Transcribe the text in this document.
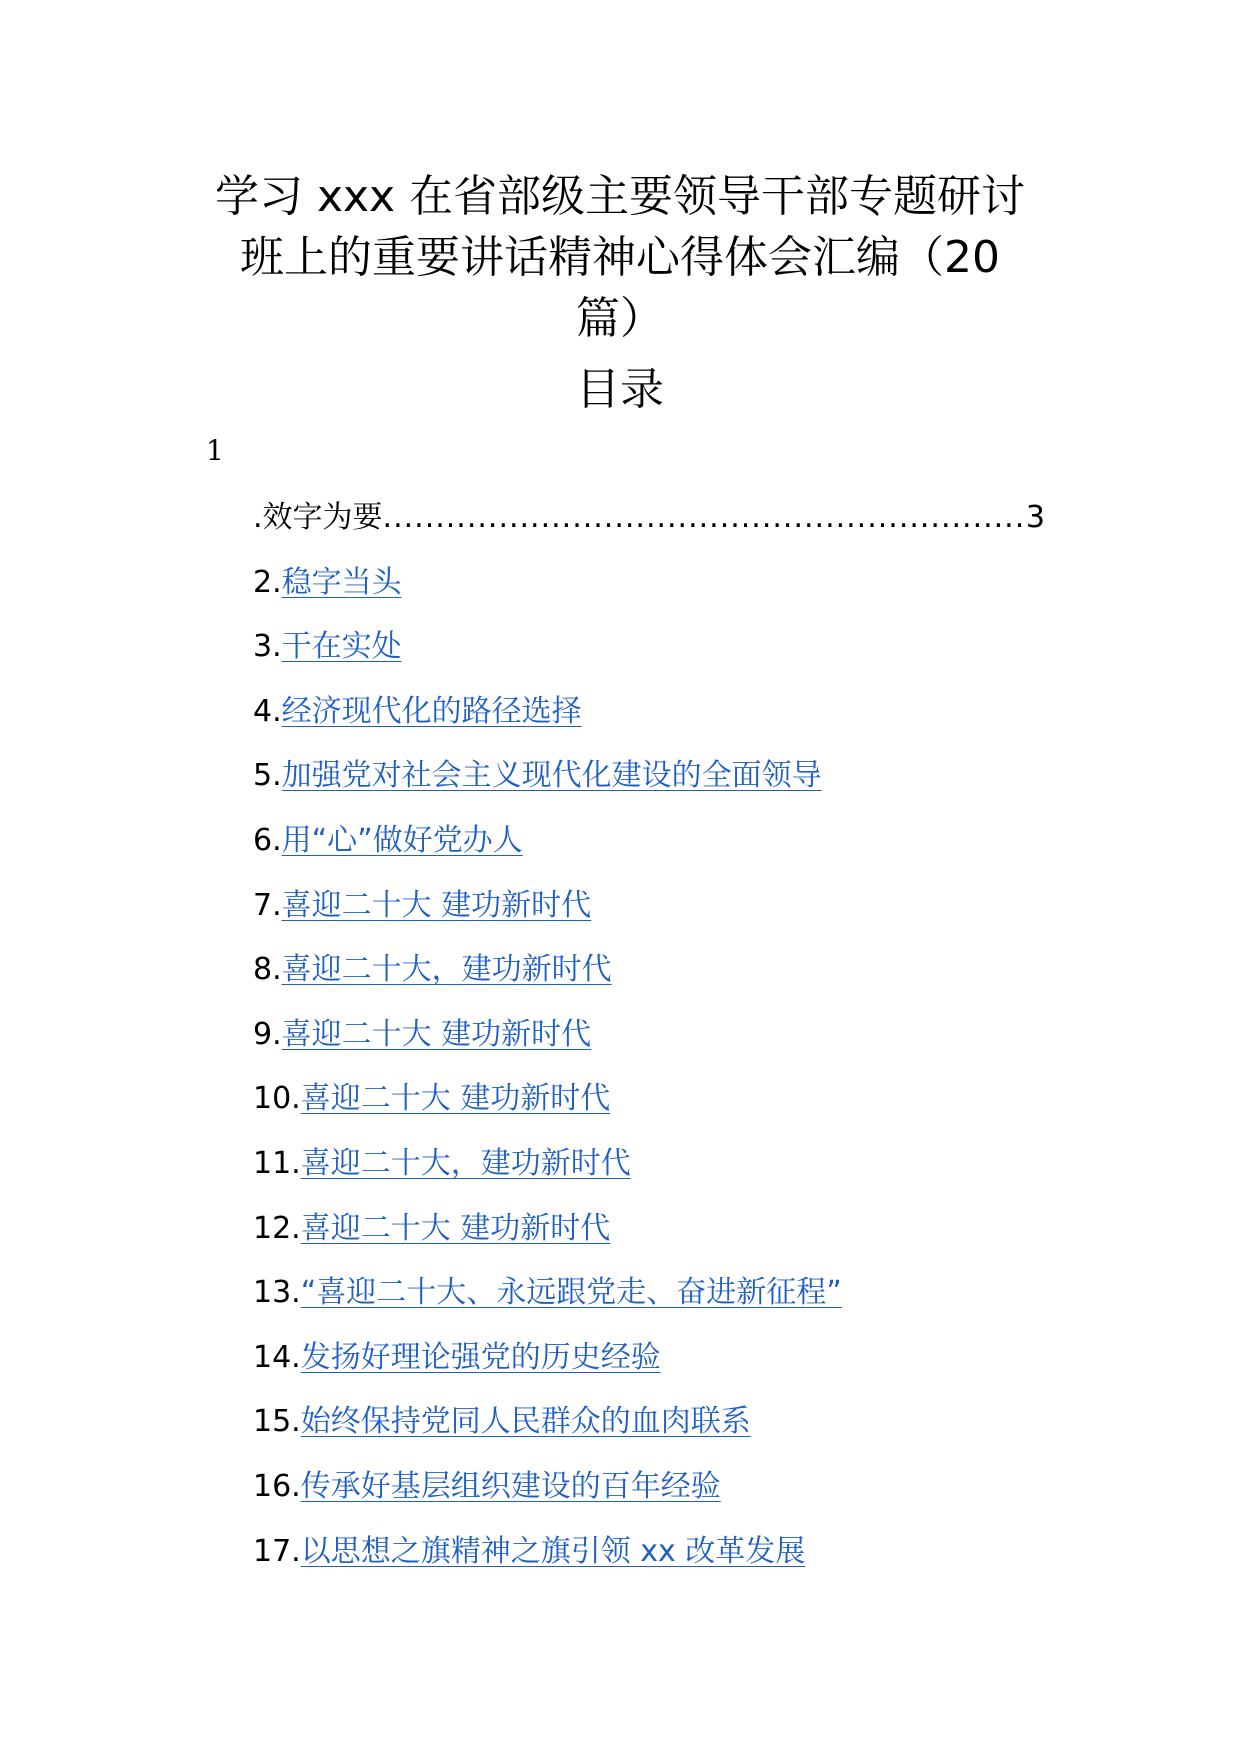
学习 xxx 在省部级主要领导干部专题研讨
班上的重要讲话精神心得体会汇编（20
篇）
目录
1
.效字为要
.....	3
2.稳字当头
3.干在实处
4.经济现代化的路径选择
5.加强党对社会主义现代化建设的全面领导
6.用“心”做好党办人
7.喜迎二十大 建功新时代
8.喜迎二十大，建功新时代
9.喜迎二十大 建功新时代
10.喜迎二十大 建功新时代
11.喜迎二十大，建功新时代
12.喜迎二十大 建功新时代
13.“喜迎二十大、永远跟党走、奋进新征程”
14.发扬好理论强党的历史经验
15.始终保持党同人民群众的血肉联系
16.传承好基层组织建设的百年经验
17.以思想之旗精神之旗引领 xx 改革发展
